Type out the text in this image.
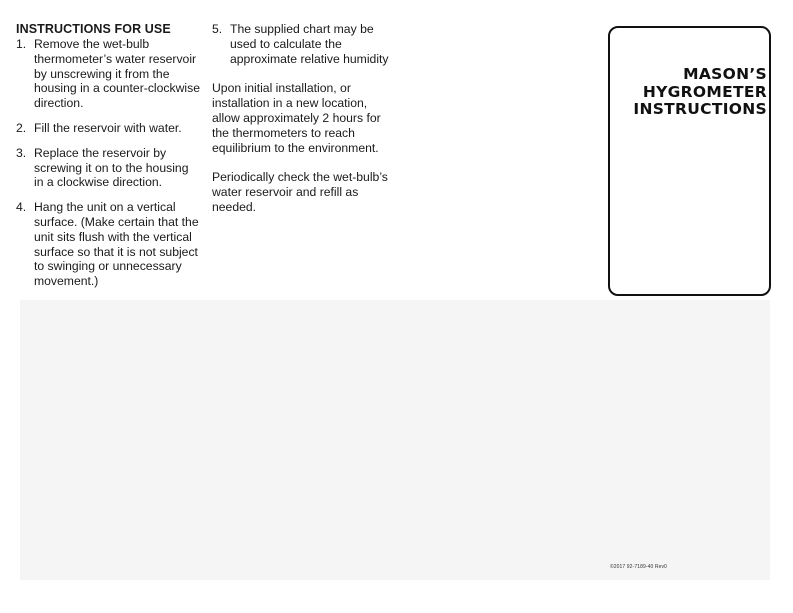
INSTRUCTIONS FOR USE
1. Remove the wet-bulb thermometer’s water reservoir by unscrewing it from the housing in a counter-clockwise direction.
2. Fill the reservoir with water.
3. Replace the reservoir by screwing it on to the housing in a clockwise direction.
4. Hang the unit on a vertical surface. (Make certain that the unit sits flush with the vertical surface so that it is not subject to swinging or unnecessary movement.)
5. The supplied chart may be used to calculate the approximate relative humidity

Upon initial installation, or installation in a new location, allow approximately 2 hours for the thermometers to reach equilibrium to the environment.

Periodically check the wet-bulb’s water reservoir and refill as needed.

MASON’S
HYGROMETER
INSTRUCTIONS
©2017 92-7189-40 Rev0
